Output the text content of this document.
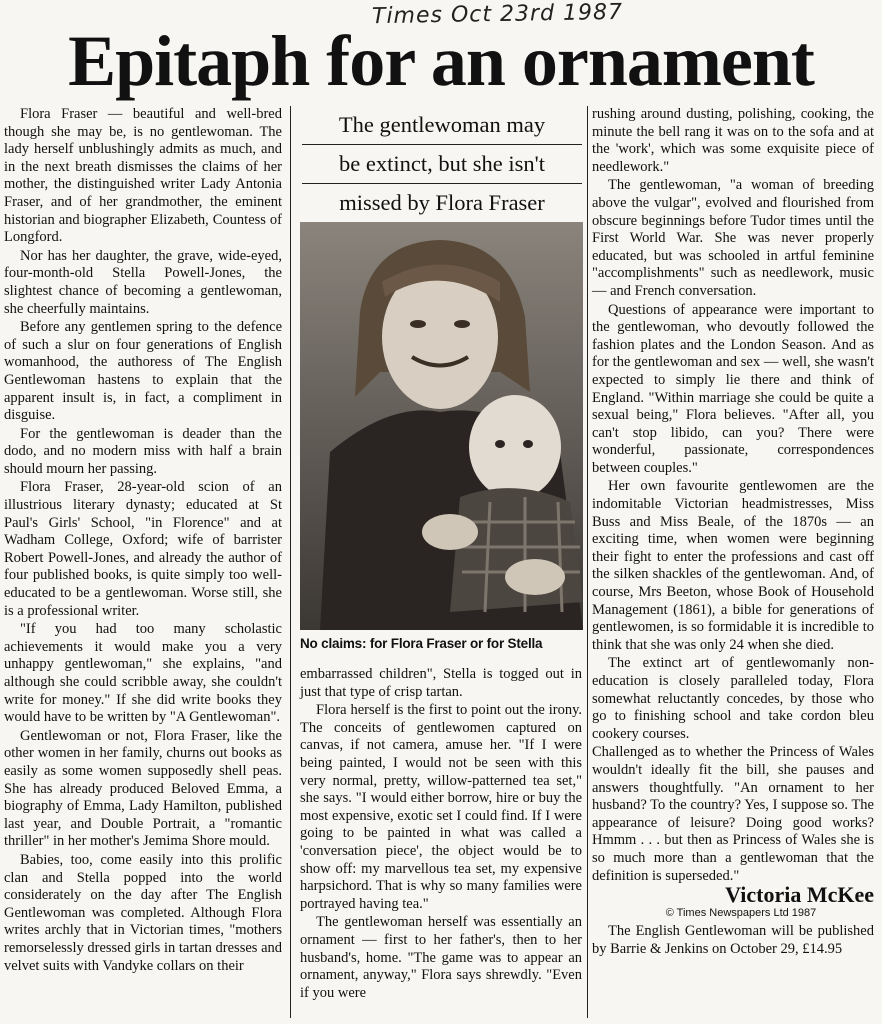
Times Oct 23rd 1987
Epitaph for an ornament

Flora Fraser — beautiful and well-bred though she may be, is no gentlewoman. The lady herself unblushingly admits as much, and in the next breath dismisses the claims of her mother, the distinguished writer Lady Antonia Fraser, and of her grandmother, the eminent historian and biographer Elizabeth, Countess of Longford.

Nor has her daughter, the grave, wide-eyed, four-month-old Stella Powell-Jones, the slightest chance of becoming a gentlewoman, she cheerfully maintains.

Before any gentlemen spring to the defence of such a slur on four generations of English womanhood, the authoress of The English Gentlewoman hastens to explain that the apparent insult is, in fact, a compliment in disguise.

For the gentlewoman is deader than the dodo, and no modern miss with half a brain should mourn her passing.

Flora Fraser, 28-year-old scion of an illustrious literary dynasty; educated at St Paul's Girls' School, "in Florence" and at Wadham College, Oxford; wife of barrister Robert Powell-Jones, and already the author of four published books, is quite simply too well-educated to be a gentlewoman. Worse still, she is a professional writer.

"If you had too many scholastic achievements it would make you a very unhappy gentlewoman," she explains, "and although she could scribble away, she couldn't write for money." If she did write books they would have to be written by "A Gentlewoman".

Gentlewoman or not, Flora Fraser, like the other women in her family, churns out books as easily as some women supposedly shell peas. She has already produced Beloved Emma, a biography of Emma, Lady Hamilton, published last year, and Double Portrait, a "romantic thriller" in her mother's Jemima Shore mould.

Babies, too, come easily into this prolific clan and Stella popped into the world considerately on the day after The English Gentlewoman was completed. Although Flora writes archly that in Victorian times, "mothers remorselessly dressed girls in tartan dresses and velvet suits with Vandyke collars on their

The gentlewoman may
be extinct, but she isn't
missed by Flora Fraser
No claims: for Flora Fraser or for Stella

embarrassed children", Stella is togged out in just that type of crisp tartan.

Flora herself is the first to point out the irony. The conceits of gentlewomen captured on canvas, if not camera, amuse her. "If I were being painted, I would not be seen with this very normal, pretty, willow-patterned tea set," she says. "I would either borrow, hire or buy the most expensive, exotic set I could find. If I were going to be painted in what was called a 'conversation piece', the object would be to show off: my marvellous tea set, my expensive harpsichord. That is why so many families were portrayed having tea."

The gentlewoman herself was essentially an ornament — first to her father's, then to her husband's, home. "The game was to appear an ornament, anyway," Flora says shrewdly. "Even if you were

rushing around dusting, polishing, cooking, the minute the bell rang it was on to the sofa and at the 'work', which was some exquisite piece of needlework."

The gentlewoman, "a woman of breeding above the vulgar", evolved and flourished from obscure beginnings before Tudor times until the First World War. She was never properly educated, but was schooled in artful feminine "accomplishments" such as needlework, music — and French conversation.

Questions of appearance were important to the gentlewoman, who devoutly followed the fashion plates and the London Season. And as for the gentlewoman and sex — well, she wasn't expected to simply lie there and think of England. "Within marriage she could be quite a sexual being," Flora believes. "After all, you can't stop libido, can you? There were wonderful, passionate, correspondences between couples."

Her own favourite gentlewomen are the indomitable Victorian headmistresses, Miss Buss and Miss Beale, of the 1870s — an exciting time, when women were beginning their fight to enter the professions and cast off the silken shackles of the gentlewoman. And, of course, Mrs Beeton, whose Book of Household Management (1861), a bible for generations of gentlewomen, is so formidable it is incredible to think that she was only 24 when she died.

The extinct art of gentlewomanly non-education is closely paralleled today, Flora somewhat reluctantly concedes, by those who go to finishing school and take cordon bleu cookery courses.

Challenged as to whether the Princess of Wales wouldn't ideally fit the bill, she pauses and answers thoughtfully. "An ornament to her husband? To the country? Yes, I suppose so. The appearance of leisure? Doing good works? Hmmm . . . but then as Princess of Wales she is so much more than a gentlewoman that the definition is superseded."

Victoria McKee

© Times Newspapers Ltd 1987

The English Gentlewoman will be published by Barrie & Jenkins on October 29, £14.95
